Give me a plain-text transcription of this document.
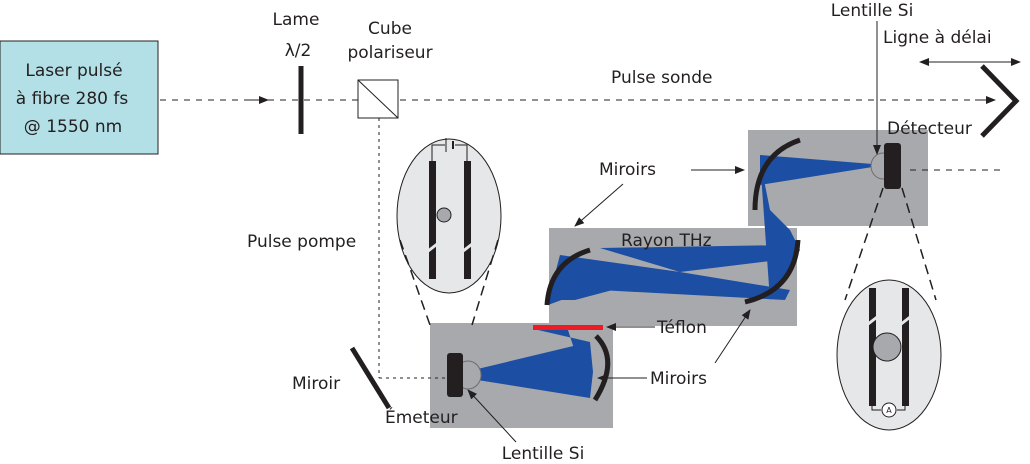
Laser pulsé
à fibre 280 fs
@ 1550 nm
A
Lame
λ/2
Cube
polariseur
Pulse sonde
Lentille Si
Ligne à délai
Détecteur
Miroirs
Rayon THz
Pulse pompe
Téflon
Miroirs
Miroir
Émeteur
Lentille Si
